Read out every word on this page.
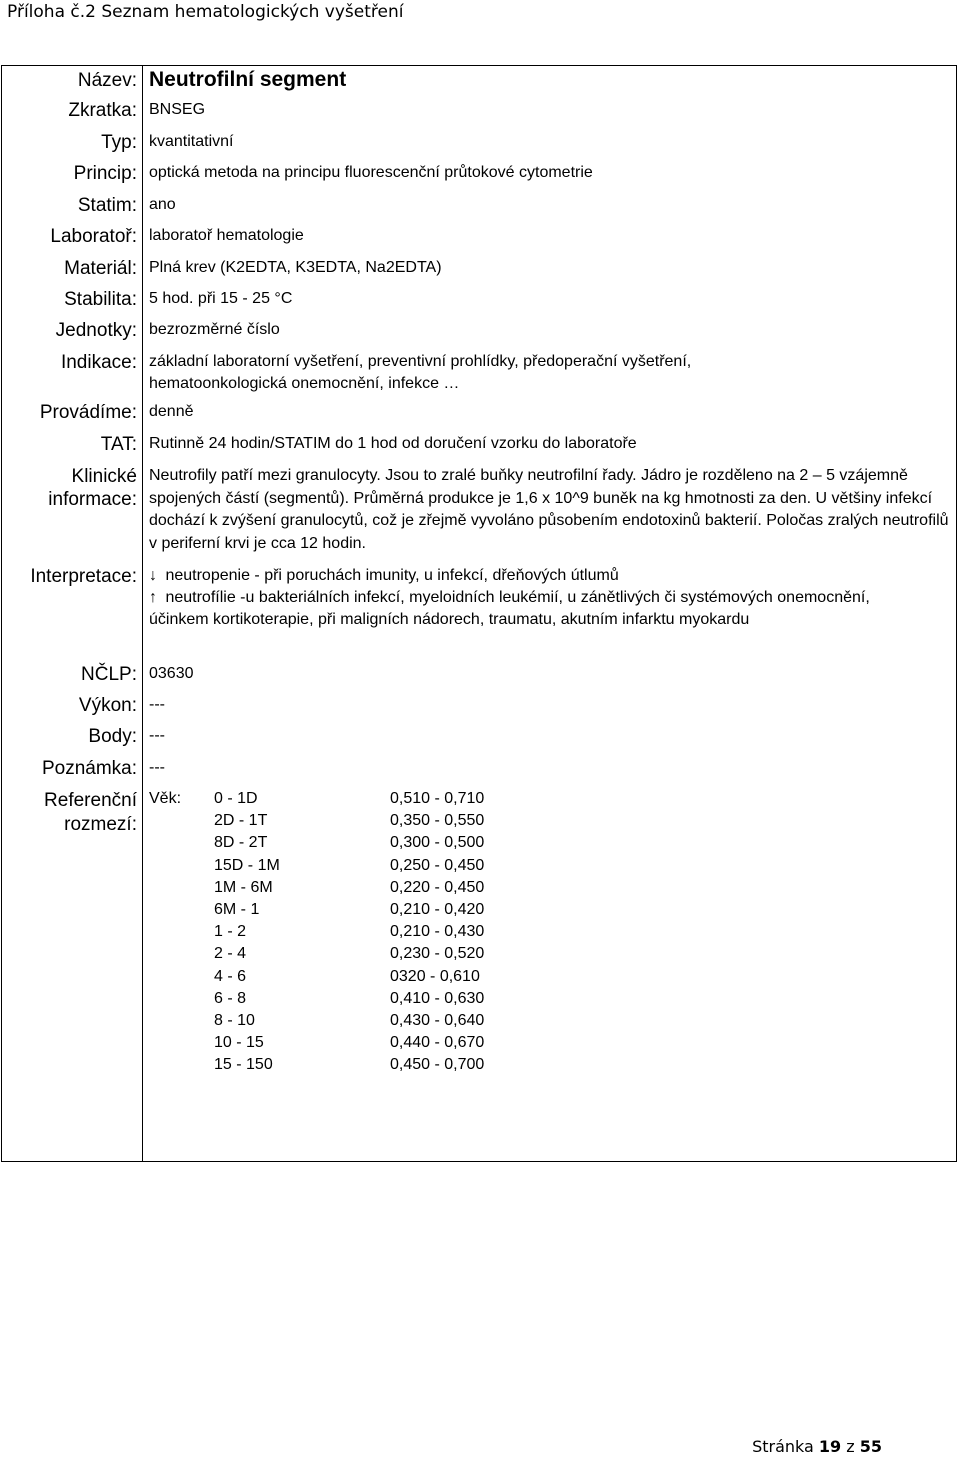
Příloha č.2 Seznam hematologických vyšetření
Název: Neutrofilní segment
Zkratka: BNSEG
Typ: kvantitativní
Princip: optická metoda na principu fluorescenční průtokové cytometrie
Statim: ano
Laboratoř: laboratoř hematologie
Materiál: Plná krev (K2EDTA, K3EDTA, Na2EDTA)
Stabilita: 5 hod. při 15 - 25 °C
Jednotky: bezrozměrné číslo
Indikace: základní laboratorní vyšetření, preventivní prohlídky, předoperační vyšetření, hematoonkologická onemocnění, infekce …
Provádíme: denně
TAT: Rutinně 24 hodin/STATIM do 1 hod od doručení vzorku do laboratoře
Klinické
informace:
Neutrofily patří mezi granulocyty. Jsou to zralé buňky neutrofilní řady. Jádro je rozděleno na 2 – 5 vzájemně spojených částí (segmentů). Průměrná produkce je 1,6 x 10^9 buněk na kg hmotnosti za den. U většiny infekcí dochází k zvýšení granulocytů, což je zřejmě vyvoláno působením endotoxinů bakterií. Poločas zralých neutrofilů v periferní krvi je cca 12 hodin.
Interpretace: ↓ neutropenie - při poruchách imunity, u infekcí, dřeňových útlumů
↑ neutrofílie -u bakteriálních infekcí, myeloidních leukémií, u zánětlivých či systémových onemocnění, účinkem kortikoterapie, při maligních nádorech, traumatu, akutním infarktu myokardu
NČLP: 03630
Výkon: ---
Body: ---
Poznámka: ---
Referenční
rozmezí:
Věk: 0 - 1D
2D - 1T
8D - 2T
15D - 1M
1M - 6M
6M - 1
1 - 2
2 - 4
4 - 6
6 - 8
8 - 10
10 - 15
15 - 150
0,510 - 0,710
0,350 - 0,550
0,300 - 0,500
0,250 - 0,450
0,220 - 0,450
0,210 - 0,420
0,210 - 0,430
0,230 - 0,520
0320 - 0,610
0,410 - 0,630
0,430 - 0,640
0,440 - 0,670
0,450 - 0,700
Stránka 19 z 55
